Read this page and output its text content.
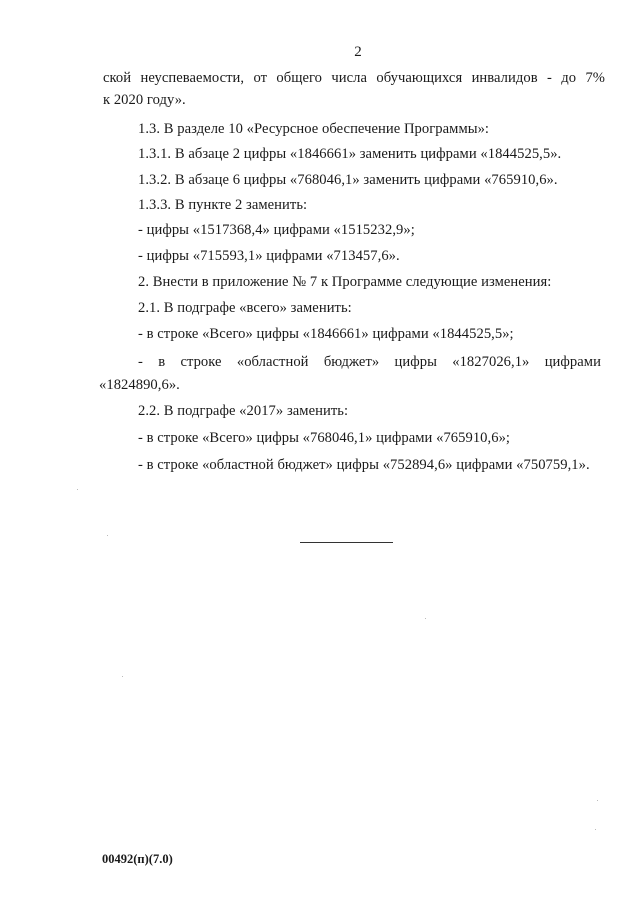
2
ской неуспеваемости, от общего числа обучающихся инвалидов - до 7%
к 2020 году».
1.3. В разделе 10 «Ресурсное обеспечение Программы»:
1.3.1. В абзаце 2 цифры «1846661» заменить цифрами «1844525,5».
1.3.2. В абзаце 6 цифры «768046,1» заменить цифрами «765910,6».
1.3.3. В пункте 2 заменить:
- цифры «1517368,4» цифрами «1515232,9»;
- цифры «715593,1» цифрами «713457,6».
2. Внести в приложение № 7 к Программе следующие изменения:
2.1. В подграфе «всего» заменить:
- в строке «Всего» цифры «1846661» цифрами «1844525,5»;
- в строке «областной бюджет» цифры «1827026,1» цифрами
«1824890,6».
2.2. В подграфе «2017» заменить:
- в строке «Всего» цифры «768046,1» цифрами «765910,6»;
- в строке «областной бюджет» цифры «752894,6» цифрами «750759,1».
00492(п)(7.0)
